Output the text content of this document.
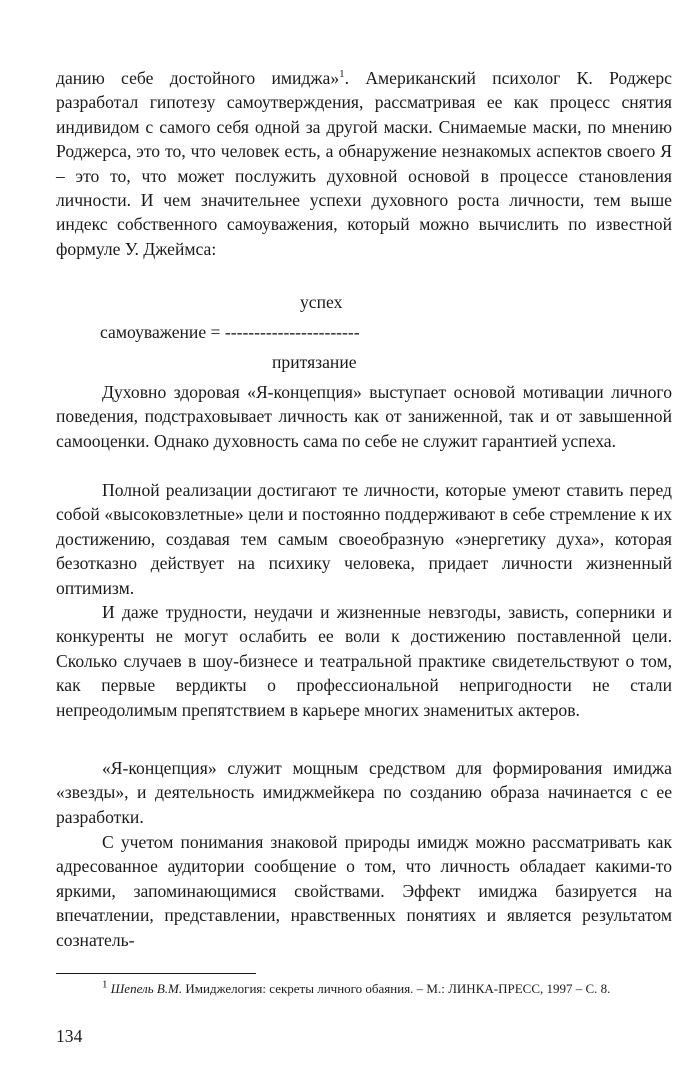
данию себе достойного имиджа»$^1$. Американский психолог К. Роджерс разработал гипотезу самоутверждения, рассматривая ее как процесс снятия индивидом с самого себя одной за другой маски. Снимаемые маски, по мнению Роджерса, это то, что человек есть, а обнаружение незнакомых аспектов своего Я – это то, что может послужить духовной основой в процессе становления личности. И чем значительнее успехи духовного роста личности, тем выше индекс собственного самоуважения, который можно вычислить по известной формуле У. Джеймса:

успех
самоуважение = -----------------------
притязание

Духовно здоровая «Я-концепция» выступает основой мотивации личного поведения, подстраховывает личность как от заниженной, так и от завышенной самооценки. Однако духовность сама по себе не служит гарантией успеха.

Полной реализации достигают те личности, которые умеют ставить перед собой «высоковзлетные» цели и постоянно поддерживают в себе стремление к их достижению, создавая тем самым своеобразную «энергетику духа», которая безотказно действует на психику человека, придает личности жизненный оптимизм.

И даже трудности, неудачи и жизненные невзгоды, зависть, соперники и конкуренты не могут ослабить ее воли к достижению поставленной цели. Сколько случаев в шоу-бизнесе и театральной практике свидетельствуют о том, как первые вердикты о профессиональной непригодности не стали непреодолимым препятствием в карьере многих знаменитых актеров.

«Я-концепция» служит мощным средством для формирования имиджа «звезды», и деятельность имиджмейкера по созданию образа начинается с ее разработки.

С учетом понимания знаковой природы имидж можно рассматривать как адресованное аудитории сообщение о том, что личность обладает какими-то яркими, запоминающимися свойствами. Эффект имиджа базируется на впечатлении, представлении, нравственных понятиях и является результатом сознатель-

$^1$ Шепель В.М. Имиджелогия: секреты личного обаяния. – М.: ЛИНКА-ПРЕСС, 1997 – С. 8.
134
